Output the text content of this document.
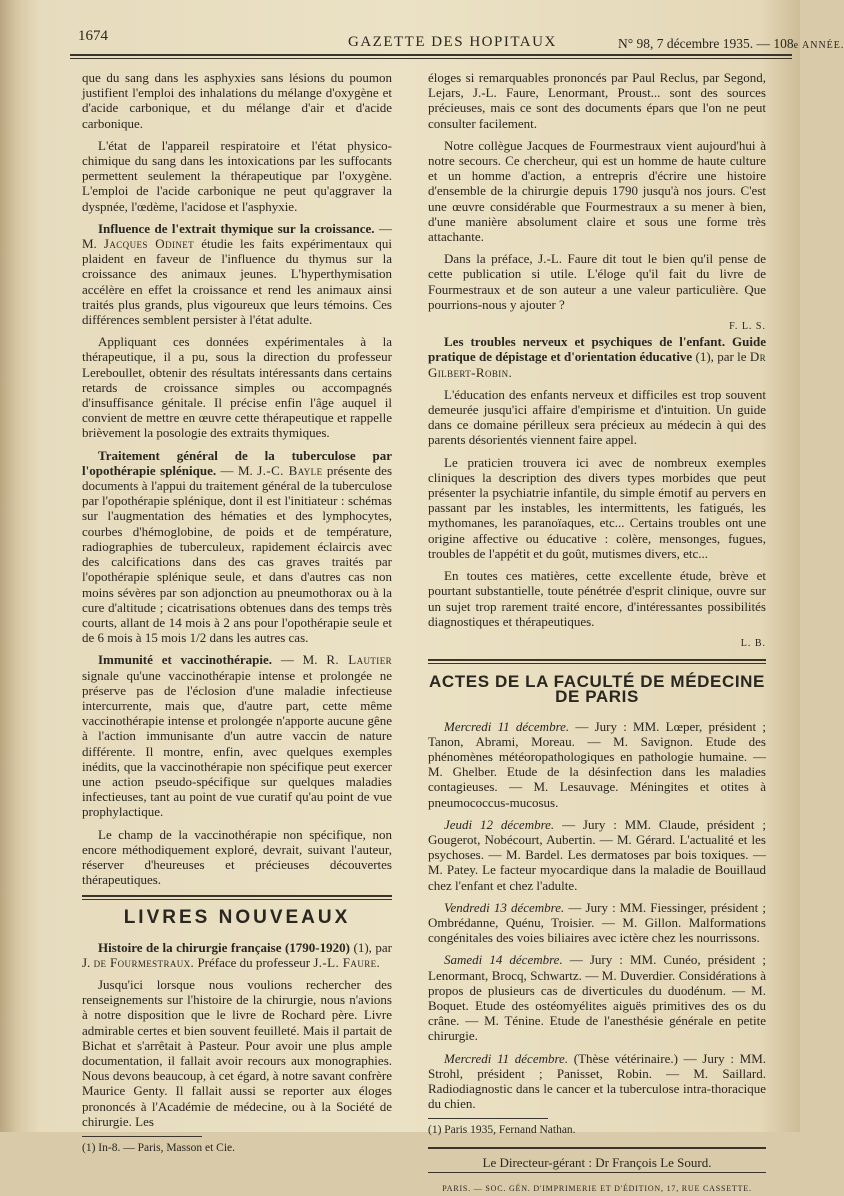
1674	GAZETTE DES HOPITAUX	N° 98, 7 décembre 1935. — 108e ANNÉE.

que du sang dans les asphyxies sans lésions du poumon justifient l'emploi des inhalations du mélange d'oxygène et d'acide carbonique, et du mélange d'air et d'acide carbonique.

L'état de l'appareil respiratoire et l'état physico-chimique du sang dans les intoxications par les suffocants permettent seulement la thérapeutique par l'oxygène. L'emploi de l'acide carbonique ne peut qu'aggraver la dyspnée, l'œdème, l'acidose et l'asphyxie.

Influence de l'extrait thymique sur la croissance. — M. Jacques Odinet étudie les faits expérimentaux qui plaident en faveur de l'influence du thymus sur la croissance des animaux jeunes. L'hyperthymisation accélère en effet la croissance et rend les animaux ainsi traités plus grands, plus vigoureux que leurs témoins. Ces différences semblent persister à l'état adulte.

Appliquant ces données expérimentales à la thérapeutique, il a pu, sous la direction du professeur Lereboullet, obtenir des résultats intéressants dans certains retards de croissance simples ou accompagnés d'insuffisance génitale. Il précise enfin l'âge auquel il convient de mettre en œuvre cette thérapeutique et rappelle brièvement la posologie des extraits thymiques.

Traitement général de la tuberculose par l'opothérapie splénique. — M. J.-C. Bayle présente des documents à l'appui du traitement général de la tuberculose par l'opothérapie splénique, dont il est l'initiateur : schémas sur l'augmentation des hématies et des lymphocytes, courbes d'hémoglobine, de poids et de température, radiographies de tuberculeux, rapidement éclaircis avec des calcifications dans des cas graves traités par l'opothérapie splénique seule, et dans d'autres cas non moins sévères par son adjonction au pneumothorax ou à la cure d'altitude ; cicatrisations obtenues dans des temps très courts, allant de 14 mois à 2 ans pour l'opothérapie seule et de 6 mois à 15 mois 1/2 dans les autres cas.

Immunité et vaccinothérapie. — M. R. Lautier signale qu'une vaccinothérapie intense et prolongée ne préserve pas de l'éclosion d'une maladie infectieuse intercurrente, mais que, d'autre part, cette même vaccinothérapie intense et prolongée n'apporte aucune gêne à l'action immunisante d'un autre vaccin de nature différente. Il montre, enfin, avec quelques exemples inédits, que la vaccinothérapie non spécifique peut exercer une action pseudo-spécifique sur quelques maladies infectieuses, tant au point de vue curatif qu'au point de vue prophylactique.

Le champ de la vaccinothérapie non spécifique, non encore méthodiquement exploré, devrait, suivant l'auteur, réserver d'heureuses et précieuses découvertes thérapeutiques.

LIVRES NOUVEAUX

Histoire de la chirurgie française (1790-1920) (1), par J. de Fourmestraux. Préface du professeur J.-L. Faure.

Jusqu'ici lorsque nous voulions rechercher des renseignements sur l'histoire de la chirurgie, nous n'avions à notre disposition que le livre de Rochard père. Livre admirable certes et bien souvent feuilleté. Mais il partait de Bichat et s'arrêtait à Pasteur. Pour avoir une plus ample documentation, il fallait avoir recours aux monographies. Nous devons beaucoup, à cet égard, à notre savant confrère Maurice Genty. Il fallait aussi se reporter aux éloges prononcés à l'Académie de médecine, ou à la Société de chirurgie. Les

(1) In-8. — Paris, Masson et Cie.

éloges si remarquables prononcés par Paul Reclus, par Segond, Lejars, J.-L. Faure, Lenormant, Proust... sont des sources précieuses, mais ce sont des documents épars que l'on ne peut consulter facilement.

Notre collègue Jacques de Fourmestraux vient aujourd'hui à notre secours. Ce chercheur, qui est un homme de haute culture et un homme d'action, a entrepris d'écrire une histoire d'ensemble de la chirurgie depuis 1790 jusqu'à nos jours. C'est une œuvre considérable que Fourmestraux a su mener à bien, d'une manière absolument claire et sous une forme très attachante.

Dans la préface, J.-L. Faure dit tout le bien qu'il pense de cette publication si utile. L'éloge qu'il fait du livre de Fourmestraux et de son auteur a une valeur particulière. Que pourrions-nous y ajouter ?

F. L. S.

Les troubles nerveux et psychiques de l'enfant. Guide pratique de dépistage et d'orientation éducative (1), par le Dr Gilbert-Robin.

L'éducation des enfants nerveux et difficiles est trop souvent demeurée jusqu'ici affaire d'empirisme et d'intuition. Un guide dans ce domaine périlleux sera précieux au médecin à qui des parents désorientés viennent faire appel.

Le praticien trouvera ici avec de nombreux exemples cliniques la description des divers types morbides que peut présenter la psychiatrie infantile, du simple émotif au pervers en passant par les instables, les intermittents, les fatigués, les mythomanes, les paranoïaques, etc... Certains troubles ont une origine affective ou éducative : colère, mensonges, fugues, troubles de l'appétit et du goût, mutismes divers, etc...

En toutes ces matières, cette excellente étude, brève et pourtant substantielle, toute pénétrée d'esprit clinique, ouvre sur un sujet trop rarement traité encore, d'intéressantes possibilités diagnostiques et thérapeutiques.

L. B.
ACTES DE LA FACULTÉ DE MÉDECINE DE PARIS

Mercredi 11 décembre. — Jury : MM. Lœper, président ; Tanon, Abrami, Moreau. — M. Savignon. Etude des phénomènes météoropathologiques en pathologie humaine. — M. Ghelber. Etude de la désinfection dans les maladies contagieuses. — M. Lesauvage. Méningites et otites à pneumococcus-mucosus.

Jeudi 12 décembre. — Jury : MM. Claude, président ; Gougerot, Nobécourt, Aubertin. — M. Gérard. L'actualité et les psychoses. — M. Bardel. Les dermatoses par bois toxiques. — M. Patey. Le facteur myocardique dans la maladie de Bouillaud chez l'enfant et chez l'adulte.

Vendredi 13 décembre. — Jury : MM. Fiessinger, président ; Ombrédanne, Quénu, Troisier. — M. Gillon. Malformations congénitales des voies biliaires avec ictère chez les nourrissons.

Samedi 14 décembre. — Jury : MM. Cunéo, président ; Lenormant, Brocq, Schwartz. — M. Duverdier. Considérations à propos de plusieurs cas de diverticules du duodénum. — M. Boquet. Etude des ostéomyélites aiguës primitives des os du crâne. — M. Ténine. Etude de l'anesthésie générale en petite chirurgie.

Mercredi 11 décembre. (Thèse vétérinaire.) — Jury : MM. Strohl, président ; Panisset, Robin. — M. Saillard. Radiodiagnostic dans le cancer et la tuberculose intra-thoracique du chien.

(1) Paris 1935, Fernand Nathan.
Le Directeur-gérant : Dr François Le Sourd.
PARIS. — SOC. GÉN. D'IMPRIMERIE ET D'ÉDITION, 17, RUE CASSETTE.
